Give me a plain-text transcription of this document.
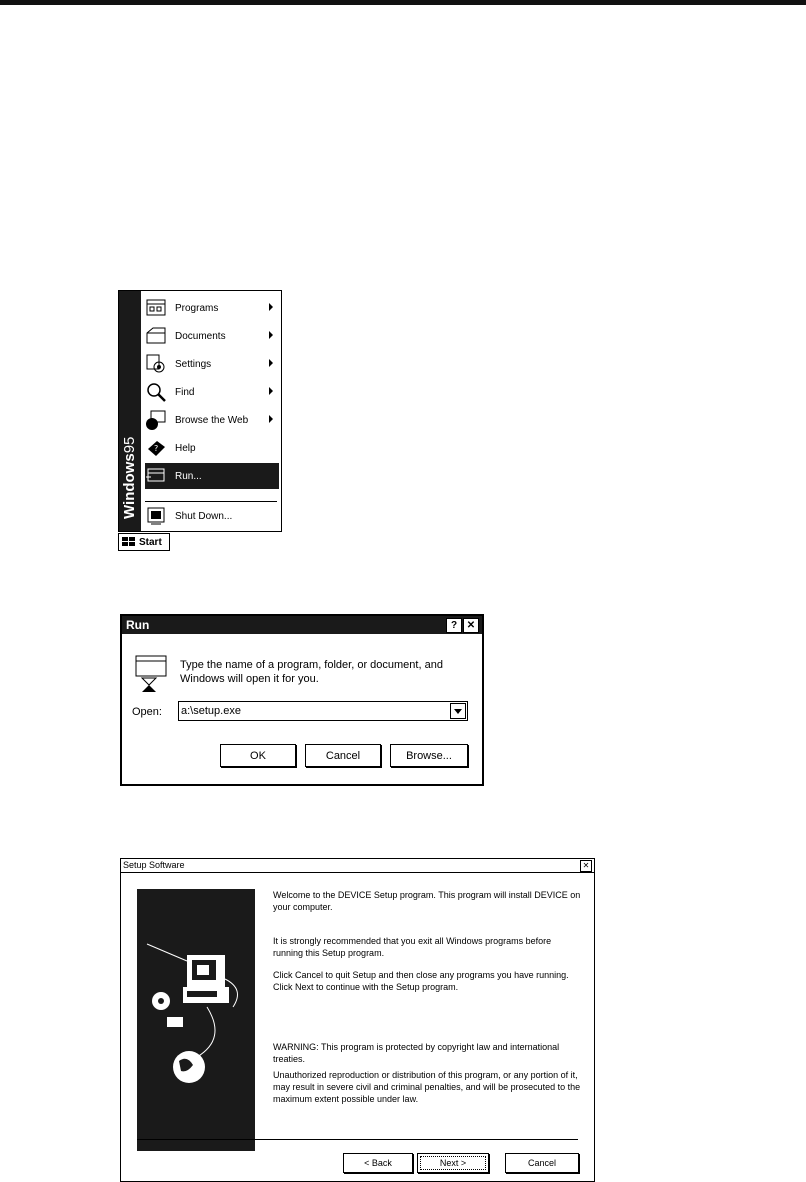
Windows95
Programs
Documents
Settings
Find
Browse the Web
? Help
Run...
Shut Down...
Start
Run	? ✕
Type the name of a program, folder, or document, and Windows will open it for you.
Open:
a:\setup.exe
OK	Cancel	Browse...
Setup Software	✕
Welcome to the DEVICE Setup program. This program will install DEVICE on your computer.
It is strongly recommended that you exit all Windows programs before running this Setup program.
Click Cancel to quit Setup and then close any programs you have running. Click Next to continue with the Setup program.
WARNING: This program is protected by copyright law and international treaties.
Unauthorized reproduction or distribution of this program, or any portion of it, may result in severe civil and criminal penalties, and will be prosecuted to the maximum extent possible under law.
< Back	Next >	Cancel
